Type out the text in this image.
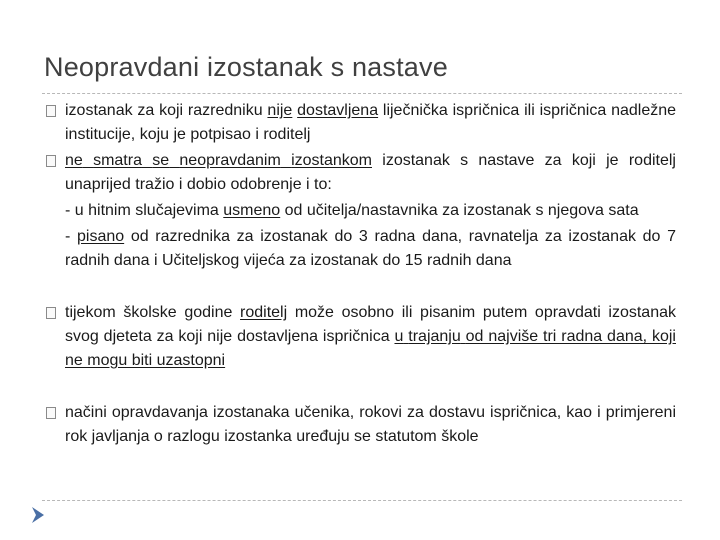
Neopravdani izostanak s nastave
izostanak za koji razredniku nije dostavljena liječnička ispričnica ili ispričnica nadležne institucije, koju je potpisao i roditelj
ne smatra se neopravdanim izostankom izostanak s nastave za koji je roditelj unaprijed tražio i dobio odobrenje i to:
- u hitnim slučajevima usmeno od učitelja/nastavnika za izostanak s njegova sata
- pisano od razrednika za izostanak do 3 radna dana, ravnatelja za izostanak do 7 radnih dana i Učiteljskog vijeća za izostanak do 15 radnih dana
tijekom školske godine roditelj može osobno ili pisanim putem opravdati izostanak svog djeteta za koji nije dostavljena ispričnica u trajanju od najviše tri radna dana, koji ne mogu biti uzastopni
načini opravdavanja izostanaka učenika, rokovi za dostavu ispričnica, kao i primjereni rok javljanja o razlogu izostanka uređuju se statutom škole
